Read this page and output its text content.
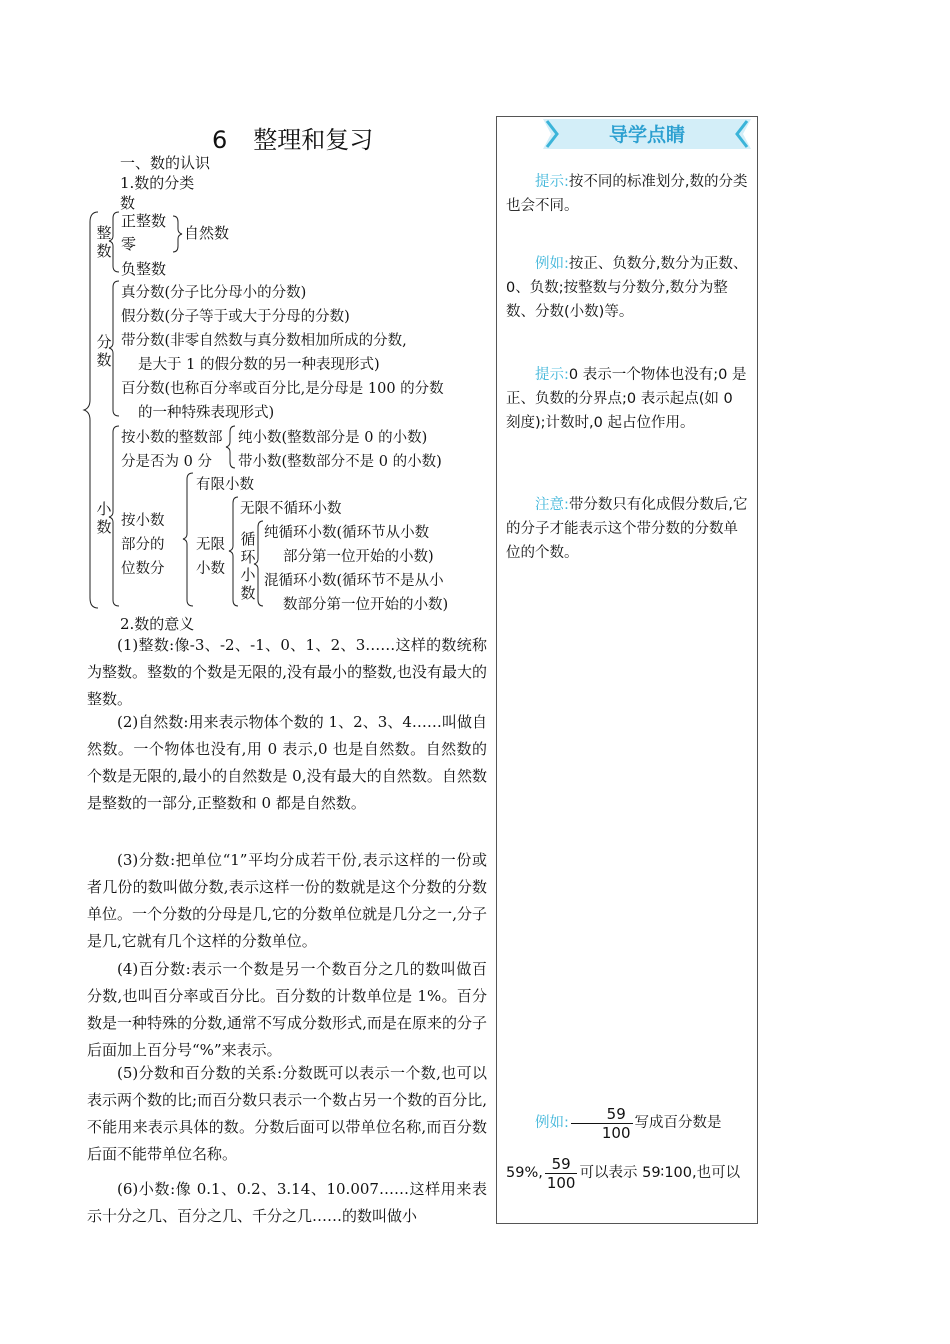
6 整理和复习
一、数的认识
1.数的分类
数
整数
正整数
零
自然数
负整数
分数
真分数(分子比分母小的分数)
假分数(分子等于或大于分母的分数)
带分数(非零自然数与真分数相加所成的分数,
是大于 1 的假分数的另一种表现形式)
百分数(也称百分率或百分比,是分母是 100 的分数
的一种特殊表现形式)
小数
按小数的整数部
分是否为 0 分
纯小数(整数部分是 0 的小数)
带小数(整数部分不是 0 的小数)
按小数
部分的
位数分
有限小数
无限
小数
无限不循环小数
循环小数
纯循环小数(循环节从小数
部分第一位开始的小数)
混循环小数(循环节不是从小
数部分第一位开始的小数)
2.数的意义

(1)整数:像-3、-2、-1、0、1、2、3……这样的数统称为整数。整数的个数是无限的,没有最小的整数,也没有最大的整数。

(2)自然数:用来表示物体个数的 1、2、3、4……叫做自然数。一个物体也没有,用 0 表示,0 也是自然数。自然数的个数是无限的,最小的自然数是 0,没有最大的自然数。自然数是整数的一部分,正整数和 0 都是自然数。

(3)分数:把单位“1”平均分成若干份,表示这样的一份或者几份的数叫做分数,表示这样一份的数就是这个分数的分数单位。一个分数的分母是几,它的分数单位就是几分之一,分子是几,它就有几个这样的分数单位。

(4)百分数:表示一个数是另一个数百分之几的数叫做百分数,也叫百分率或百分比。百分数的计数单位是 1%。百分数是一种特殊的分数,通常不写成分数形式,而是在原来的分子后面加上百分号“%”来表示。

(5)分数和百分数的关系:分数既可以表示一个数,也可以表示两个数的比;而百分数只表示一个数占另一个数的百分比,不能用来表示具体的数。分数后面可以带单位名称,而百分数后面不能带单位名称。

(6)小数:像 0.1、0.2、3.14、10.007……这样用来表示十分之几、百分之几、千分之几……的数叫做小

导学点睛

提示:按不同的标准划分,数的分类也会不同。

例如:按正、负数分,数分为正数、0、负数;按整数与分数分,数分为整数、分数(小数)等。

提示:0 表示一个物体也没有;0 是正、负数的分界点;0 表示起点(如 0 刻度);计数时,0 起占位作用。

注意:带分数只有化成假分数后,它的分子才能表示这个带分数的分数单位的个数。

例如: $\frac{59}{100}$ 写成百分数是

59%, $\frac{59}{100}$ 可以表示 59∶100,也可以
